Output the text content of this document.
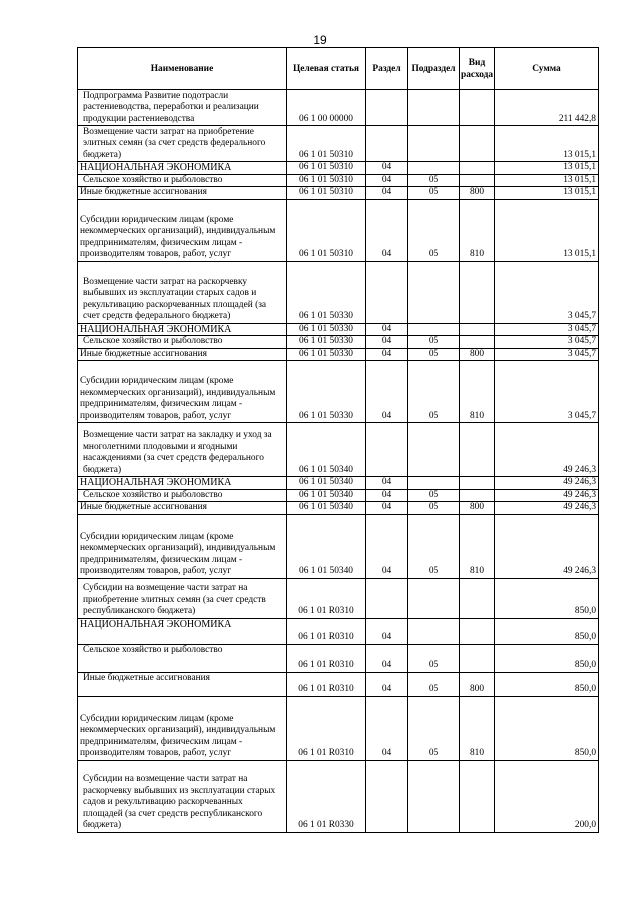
19
Наименование	Целевая статья	Раздел	Подраздел	Вид расхода	Сумма
Подпрограмма Развитие подотрасли растениеводства, переработки и реализации продукции растениеводства	06 1 00 00000				211 442,8
Возмещение части затрат на приобретение элитных семян (за счет средств федерального бюджета)	06 1 01 50310				13 015,1
НАЦИОНАЛЬНАЯ ЭКОНОМИКА	06 1 01 50310	04			13 015,1
Сельское хозяйство и рыболовство	06 1 01 50310	04	05		13 015,1
Иные бюджетные ассигнования	06 1 01 50310	04	05	800	13 015,1
Субсидии юридическим лицам (кроме некоммерческих организаций), индивидуальным предпринимателям, физическим лицам - производителям товаров, работ, услуг	06 1 01 50310	04	05	810	13 015,1
Возмещение части затрат на раскорчевку выбывших из эксплуатации старых садов и рекультивацию раскорчеванных площадей (за счет средств федерального бюджета)	06 1 01 50330				3 045,7
НАЦИОНАЛЬНАЯ ЭКОНОМИКА	06 1 01 50330	04			3 045,7
Сельское хозяйство и рыболовство	06 1 01 50330	04	05		3 045,7
Иные бюджетные ассигнования	06 1 01 50330	04	05	800	3 045,7
Субсидии юридическим лицам (кроме некоммерческих организаций), индивидуальным предпринимателям, физическим лицам - производителям товаров, работ, услуг	06 1 01 50330	04	05	810	3 045,7
Возмещение части затрат на закладку и уход за многолетними плодовыми и ягодными насаждениями (за счет средств федерального бюджета)	06 1 01 50340				49 246,3
НАЦИОНАЛЬНАЯ ЭКОНОМИКА	06 1 01 50340	04			49 246,3
Сельское хозяйство и рыболовство	06 1 01 50340	04	05		49 246,3
Иные бюджетные ассигнования	06 1 01 50340	04	05	800	49 246,3
Субсидии юридическим лицам (кроме некоммерческих организаций), индивидуальным предпринимателям, физическим лицам - производителям товаров, работ, услуг	06 1 01 50340	04	05	810	49 246,3
Субсидии на возмещение части затрат на приобретение элитных семян (за счет средств республиканского бюджета)	06 1 01 R0310				850,0
НАЦИОНАЛЬНАЯ ЭКОНОМИКА	06 1 01 R0310	04			850,0
Сельское хозяйство и рыболовство	06 1 01 R0310	04	05		850,0
Иные бюджетные ассигнования	06 1 01 R0310	04	05	800	850,0
Субсидии юридическим лицам (кроме некоммерческих организаций), индивидуальным предпринимателям, физическим лицам - производителям товаров, работ, услуг	06 1 01 R0310	04	05	810	850,0
Субсидии на возмещение части затрат на раскорчевку выбывших из эксплуатации старых садов и рекультивацию раскорчеванных площадей (за счет средств республиканского бюджета)	06 1 01 R0330				200,0
